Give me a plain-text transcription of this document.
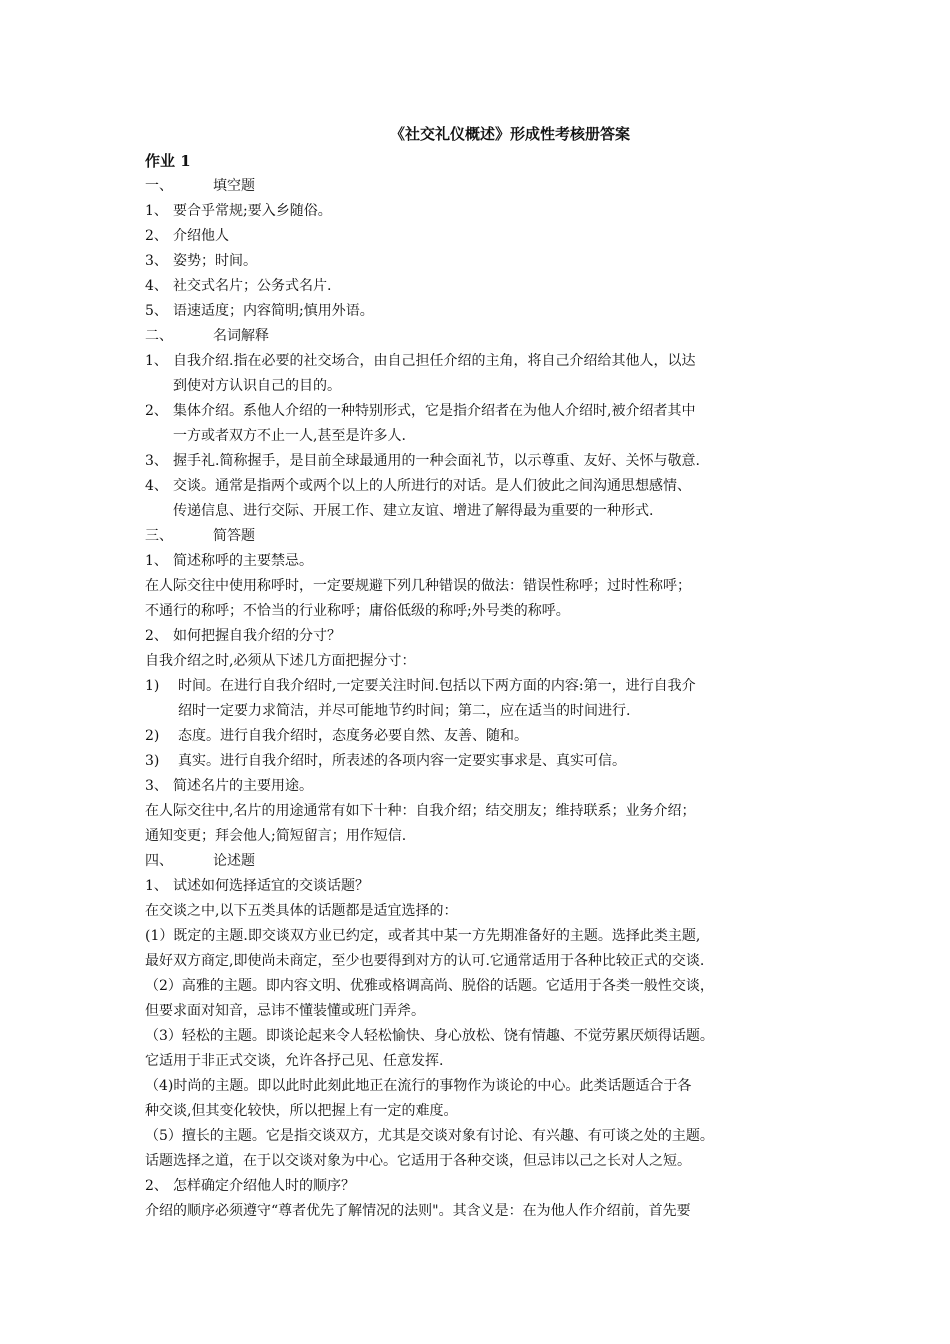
《社交礼仪概述》形成性考核册答案
作业 1
一、	填空题
1、 要合乎常规;要入乡随俗。
2、 介绍他人
3、 姿势；时间。
4、 社交式名片；公务式名片.
5、 语速适度；内容简明;慎用外语。
二、	名词解释
1、 自我介绍.指在必要的社交场合，由自己担任介绍的主角，将自己介绍给其他人，以达
到使对方认识自己的目的。
2、 集体介绍。系他人介绍的一种特别形式，它是指介绍者在为他人介绍时,被介绍者其中
一方或者双方不止一人,甚至是许多人.
3、 握手礼.简称握手，是目前全球最通用的一种会面礼节，以示尊重、友好、关怀与敬意.
4、 交谈。通常是指两个或两个以上的人所进行的对话。是人们彼此之间沟通思想感情、
传递信息、进行交际、开展工作、建立友谊、增进了解得最为重要的一种形式.
三、	简答题
1、 简述称呼的主要禁忌。

在人际交往中使用称呼时，一定要规避下列几种错误的做法：错误性称呼；过时性称呼；

不通行的称呼；不恰当的行业称呼；庸俗低级的称呼;外号类的称呼。

2、 如何把握自我介绍的分寸？

自我介绍之时,必须从下述几方面把握分寸：

1)	时间。在进行自我介绍时,一定要关注时间.包括以下两方面的内容:第一，进行自我介
绍时一定要力求简洁，并尽可能地节约时间；第二，应在适当的时间进行.
2)	态度。进行自我介绍时，态度务必要自然、友善、随和。
3)	真实。进行自我介绍时，所表述的各项内容一定要实事求是、真实可信。
3、 简述名片的主要用途。

在人际交往中,名片的用途通常有如下十种：自我介绍；结交朋友；维持联系；业务介绍；

通知变更；拜会他人;简短留言；用作短信.

四、	论述题
1、 试述如何选择适宜的交谈话题？

在交谈之中,以下五类具体的话题都是适宜选择的：

(1）既定的主题.即交谈双方业已约定，或者其中某一方先期准备好的主题。选择此类主题,

最好双方商定,即使尚未商定，至少也要得到对方的认可.它通常适用于各种比较正式的交谈.

（2）高雅的主题。即内容文明、优雅或格调高尚、脱俗的话题。它适用于各类一般性交谈，

但要求面对知音，忌讳不懂装懂或班门弄斧。

（3）轻松的主题。即谈论起来令人轻松愉快、身心放松、饶有情趣、不觉劳累厌烦得话题。

它适用于非正式交谈，允许各抒己见、任意发挥.

（4)时尚的主题。即以此时此刻此地正在流行的事物作为谈论的中心。此类话题适合于各

种交谈,但其变化较快，所以把握上有一定的难度。

（5）擅长的主题。它是指交谈双方，尤其是交谈对象有讨论、有兴趣、有可谈之处的主题。

话题选择之道，在于以交谈对象为中心。它适用于各种交谈，但忌讳以己之长对人之短。

2、 怎样确定介绍他人时的顺序？

介绍的顺序必须遵守“尊者优先了解情况的法则"。其含义是：在为他人作介绍前，首先要
